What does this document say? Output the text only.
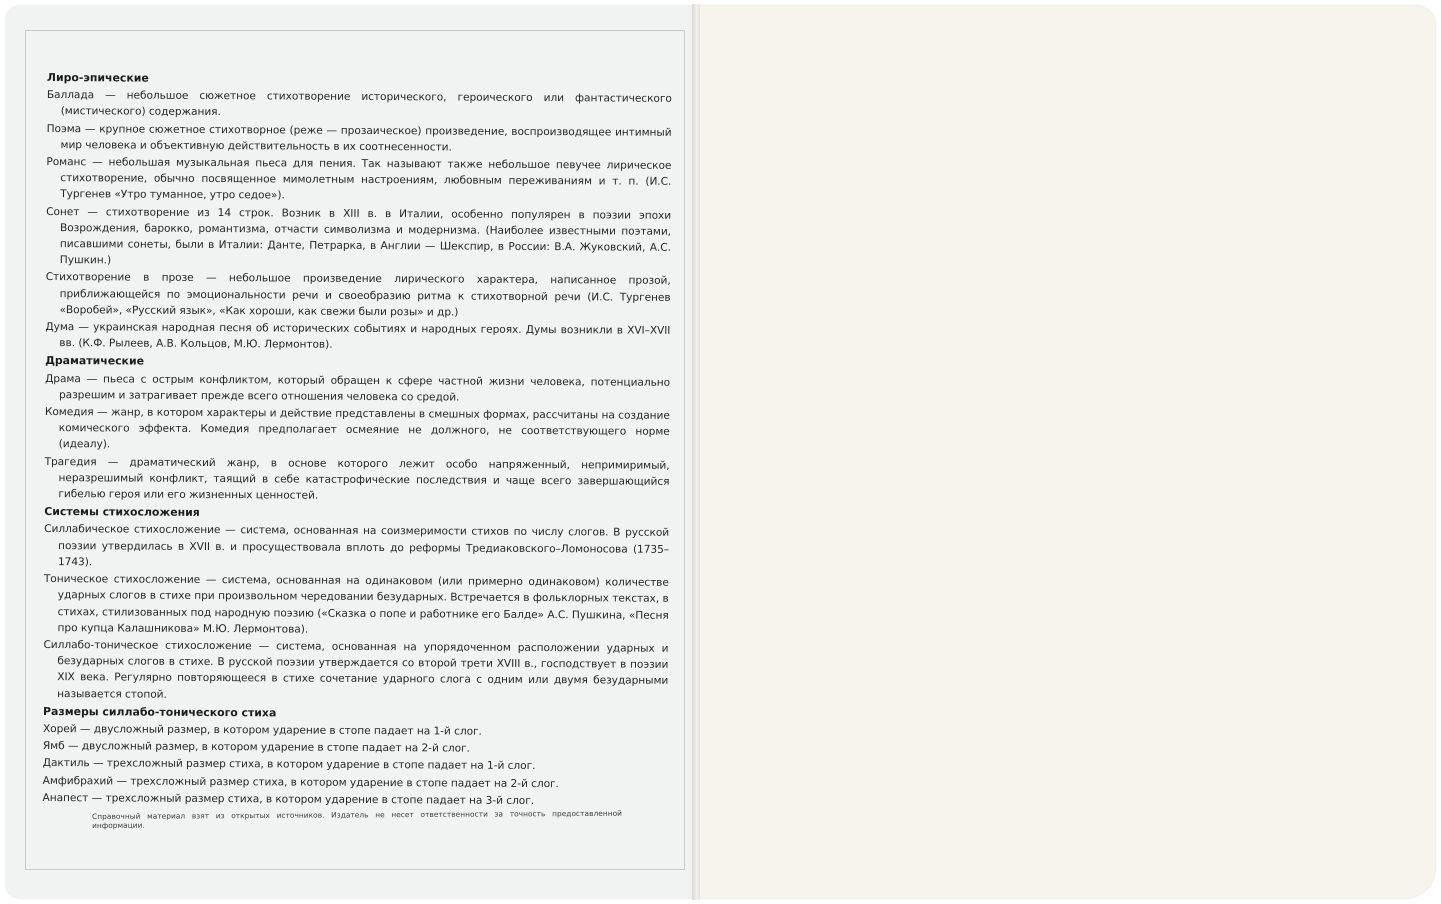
Лиро-эпические

Баллада — небольшое сюжетное стихотворение исторического, героического или фантастического (мистического) содержания.

Поэма — крупное сюжетное стихотворное (реже — прозаическое) произведение, воспроизводящее интимный мир человека и объективную действительность в их соотнесенности.

Романс — небольшая музыкальная пьеса для пения. Так называют также небольшое певучее лирическое стихотворение, обычно посвященное мимолетным настроениям, любовным переживаниям и т. п. (И.С. Тургенев «Утро туманное, утро седое»).

Сонет — стихотворение из 14 строк. Возник в XIII в. в Италии, особенно популярен в поэзии эпохи Возрождения, барокко, романтизма, отчасти символизма и модернизма. (Наиболее известными поэтами, писавшими сонеты, были в Италии: Данте, Петрарка, в Англии — Шекспир, в России: В.А. Жуковский, А.С. Пушкин.)

Стихотворение в прозе — небольшое произведение лирического характера, написанное прозой, приближающейся по эмоциональности речи и своеобразию ритма к стихотворной речи (И.С. Тургенев «Воробей», «Русский язык», «Как хороши, как свежи были розы» и др.)

Дума — украинская народная песня об исторических событиях и народных героях. Думы возникли в XVI–XVII вв. (К.Ф. Рылеев, А.В. Кольцов, М.Ю. Лермонтов).

Драматические

Драма — пьеса с острым конфликтом, который обращен к сфере частной жизни человека, потенциально разрешим и затрагивает прежде всего отношения человека со средой.

Комедия — жанр, в котором характеры и действие представлены в смешных формах, рассчитаны на создание комического эффекта. Комедия предполагает осмеяние не должного, не соответствующего норме (идеалу).

Трагедия — драматический жанр, в основе которого лежит особо напряженный, непримиримый, неразрешимый конфликт, таящий в себе катастрофические последствия и чаще всего завершающийся гибелью героя или его жизненных ценностей.

Системы стихосложения

Силлабическое стихосложение — система, основанная на соизмеримости стихов по числу слогов. В русской поэзии утвердилась в XVII в. и просуществовала вплоть до реформы Тредиаковского–Ломоносова (1735–1743).

Тоническое стихосложение — система, основанная на одинаковом (или примерно одинаковом) количестве ударных слогов в стихе при произвольном чередовании безударных. Встречается в фольклорных текстах, в стихах, стилизованных под народную поэзию («Сказка о попе и работнике его Балде» А.С. Пушкина, «Песня про купца Калашникова» М.Ю. Лермонтова).

Силлабо-тоническое стихосложение — система, основанная на упорядоченном расположении ударных и безударных слогов в стихе. В русской поэзии утверждается со второй трети XVIII в., господствует в поэзии XIX века. Регулярно повторяющееся в стихе сочетание ударного слога с одним или двумя безударными называется стопой.

Размеры силлабо-тонического стиха

Хорей — двусложный размер, в котором ударение в стопе падает на 1-й слог.

Ямб — двусложный размер, в котором ударение в стопе падает на 2-й слог.

Дактиль — трехсложный размер стиха, в котором ударение в стопе падает на 1-й слог.

Амфибрахий — трехсложный размер стиха, в котором ударение в стопе падает на 2-й слог.

Анапест — трехсложный размер стиха, в котором ударение в стопе падает на 3-й слог.

Справочный материал взят из открытых источников. Издатель не несет ответственности за точность предоставленной информации.
